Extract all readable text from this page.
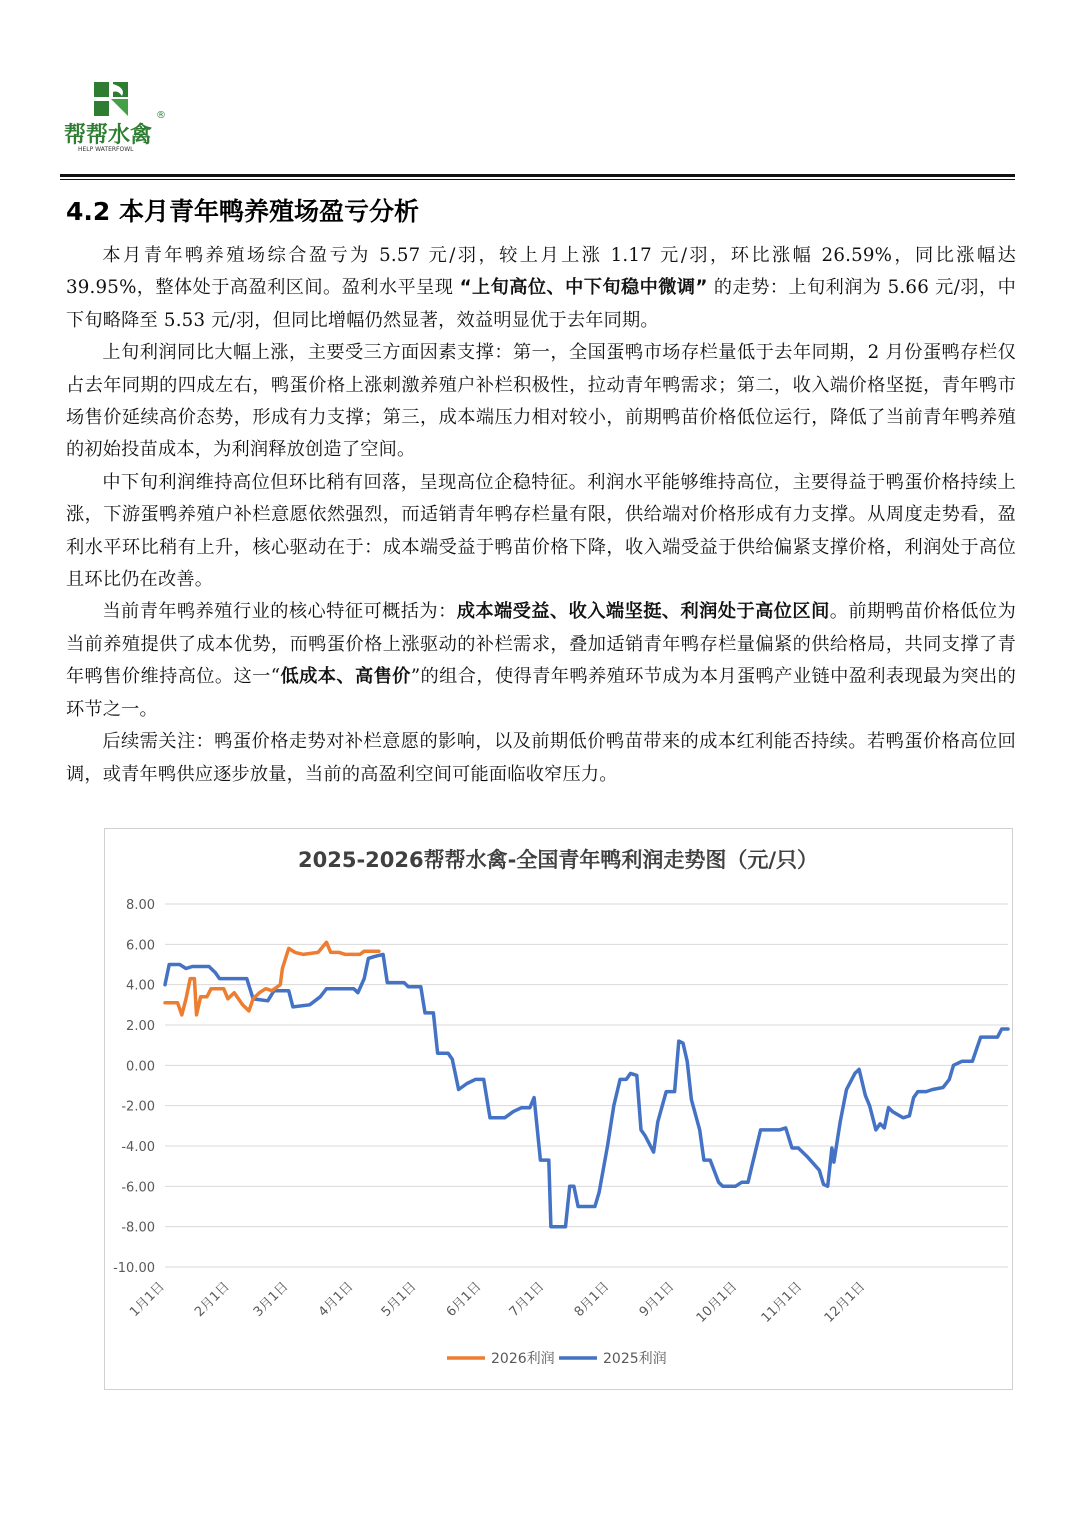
帮帮水禽
®
HELP WATERFOWL
4.2 本月青年鸭养殖场盈亏分析

本月青年鸭养殖场综合盈亏为 5.57 元/羽，较上月上涨 1.17 元/羽，环比涨幅 26.59%，同比涨幅达 39.95%，整体处于高盈利区间。盈利水平呈现 “上旬高位、中下旬稳中微调” 的走势：上旬利润为 5.66 元/羽，中下旬略降至 5.53 元/羽，但同比增幅仍然显著，效益明显优于去年同期。

上旬利润同比大幅上涨，主要受三方面因素支撑：第一，全国蛋鸭市场存栏量低于去年同期，2 月份蛋鸭存栏仅占去年同期的四成左右，鸭蛋价格上涨刺激养殖户补栏积极性，拉动青年鸭需求；第二，收入端价格坚挺，青年鸭市场售价延续高价态势，形成有力支撑；第三，成本端压力相对较小，前期鸭苗价格低位运行，降低了当前青年鸭养殖的初始投苗成本，为利润释放创造了空间。

中下旬利润维持高位但环比稍有回落，呈现高位企稳特征。利润水平能够维持高位，主要得益于鸭蛋价格持续上涨，下游蛋鸭养殖户补栏意愿依然强烈，而适销青年鸭存栏量有限，供给端对价格形成有力支撑。从周度走势看，盈利水平环比稍有上升，核心驱动在于：成本端受益于鸭苗价格下降，收入端受益于供给偏紧支撑价格，利润处于高位且环比仍在改善。

当前青年鸭养殖行业的核心特征可概括为：成本端受益、收入端坚挺、利润处于高位区间。前期鸭苗价格低位为当前养殖提供了成本优势，而鸭蛋价格上涨驱动的补栏需求，叠加适销青年鸭存栏量偏紧的供给格局，共同支撑了青年鸭售价维持高位。这一“低成本、高售价”的组合，使得青年鸭养殖环节成为本月蛋鸭产业链中盈利表现最为突出的环节之一。

后续需关注：鸭蛋价格走势对补栏意愿的影响，以及前期低价鸭苗带来的成本红利能否持续。若鸭蛋价格高位回调，或青年鸭供应逐步放量，当前的高盈利空间可能面临收窄压力。

2025-2026帮帮水禽-全国青年鸭利润走势图（元/只）
8.00
6.00
4.00
2.00
0.00
-2.00
-4.00
-6.00
-8.00
-10.00
1月1日 2月1日 3月1日 4月1日 5月1日 6月1日 7月1日 8月1日 9月1日 10月1日 11月1日 12月1日
2026利润	2025利润
